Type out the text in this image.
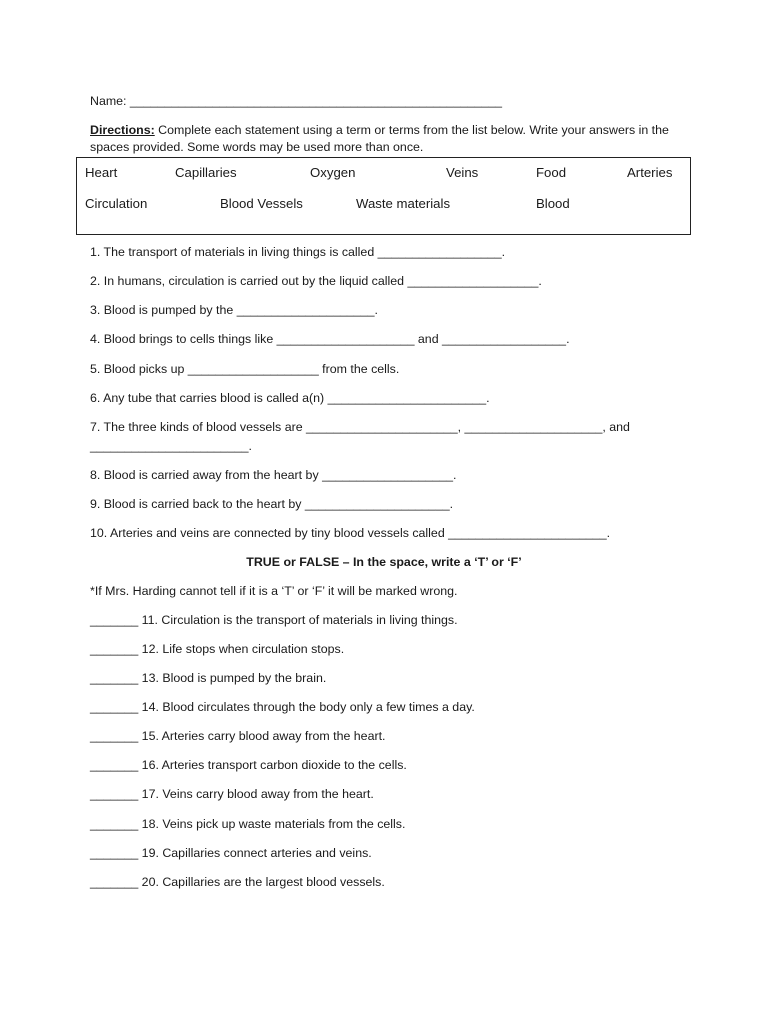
Name: ______________________________________________________
Directions: Complete each statement using a term or terms from the list below. Write your answers in the spaces provided. Some words may be used more than once.
Heart	Capillaries	Oxygen	Veins	Food	Arteries
Circulation	Blood Vessels	Waste materials	Blood
1. The transport of materials in living things is called __________________.
2. In humans, circulation is carried out by the liquid called ___________________.
3. Blood is pumped by the ____________________.
4. Blood brings to cells things like ____________________ and __________________.
5. Blood picks up ___________________ from the cells.
6. Any tube that carries blood is called a(n) _______________________.
7. The three kinds of blood vessels are ______________________, ____________________, and
_______________________.
8. Blood is carried away from the heart by ___________________.
9. Blood is carried back to the heart by _____________________.
10. Arteries and veins are connected by tiny blood vessels called _______________________.
TRUE or FALSE – In the space, write a ‘T’ or ‘F’
*If Mrs. Harding cannot tell if it is a ‘T’ or ‘F’ it will be marked wrong.
_______ 11. Circulation is the transport of materials in living things.
_______ 12. Life stops when circulation stops.
_______ 13. Blood is pumped by the brain.
_______ 14. Blood circulates through the body only a few times a day.
_______ 15. Arteries carry blood away from the heart.
_______ 16. Arteries transport carbon dioxide to the cells.
_______ 17. Veins carry blood away from the heart.
_______ 18. Veins pick up waste materials from the cells.
_______ 19. Capillaries connect arteries and veins.
_______ 20. Capillaries are the largest blood vessels.
